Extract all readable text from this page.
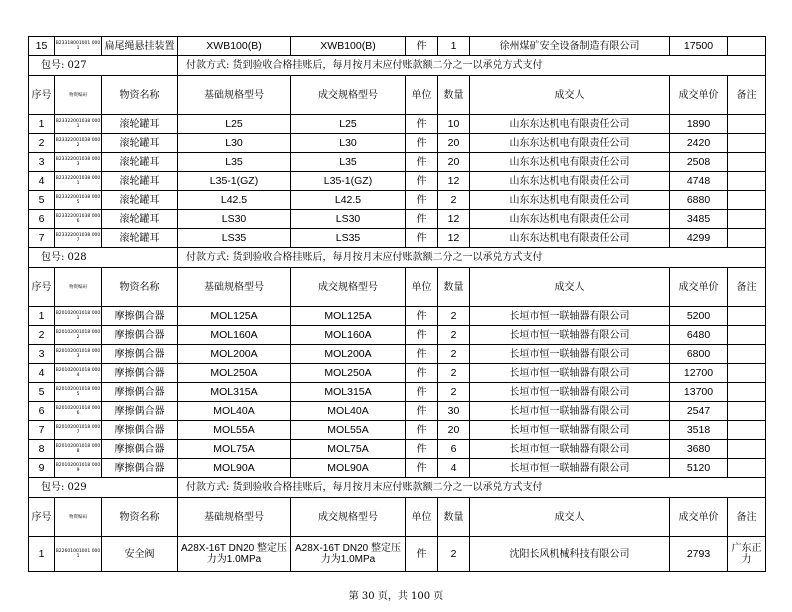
15	B23318001001 0001	扁尾绳悬挂装置	XWB100(B)	XWB100(B)	件	1	徐州煤矿安全设备制造有限公司	17500	
包号: 027			付款方式: 货到验收合格挂账后，每月按月末应付账款额二分之一以承兑方式支付						
序号	物资编码	物资名称	基础规格型号	成交规格型号	单位	数量	成交人	成交单价	备注
1	B23322001038 0001	滚轮罐耳	L25	L25	件	10	山东东达机电有限责任公司	1890	
2	B23322001038 0002	滚轮罐耳	L30	L30	件	20	山东东达机电有限责任公司	2420	
3	B23322001038 0003	滚轮罐耳	L35	L35	件	20	山东东达机电有限责任公司	2508	
4	B23322001038 0001	滚轮罐耳	L35-1(GZ)	L35-1(GZ)	件	12	山东东达机电有限责任公司	4748	
5	B23322001038 0005	滚轮罐耳	L42.5	L42.5	件	2	山东东达机电有限责任公司	6880	
6	B23322001038 0006	滚轮罐耳	LS30	LS30	件	12	山东东达机电有限责任公司	3485	
7	B23322001038 0007	滚轮罐耳	LS35	LS35	件	12	山东东达机电有限责任公司	4299	
包号: 028			付款方式: 货到验收合格挂账后，每月按月末应付账款额二分之一以承兑方式支付						
序号	物资编码	物资名称	基础规格型号	成交规格型号	单位	数量	成交人	成交单价	备注
1	B20102001018 0001	摩擦偶合器	MOL125A	MOL125A	件	2	长垣市恒一联轴器有限公司	5200	
2	B20102001018 0002	摩擦偶合器	MOL160A	MOL160A	件	2	长垣市恒一联轴器有限公司	6480	
3	B20102001018 0003	摩擦偶合器	MOL200A	MOL200A	件	2	长垣市恒一联轴器有限公司	6800	
4	B20102001018 0004	摩擦偶合器	MOL250A	MOL250A	件	2	长垣市恒一联轴器有限公司	12700	
5	B20102001018 0005	摩擦偶合器	MOL315A	MOL315A	件	2	长垣市恒一联轴器有限公司	13700	
6	B20102001018 0006	摩擦偶合器	MOL40A	MOL40A	件	30	长垣市恒一联轴器有限公司	2547	
7	B20102001018 0007	摩擦偶合器	MOL55A	MOL55A	件	20	长垣市恒一联轴器有限公司	3518	
8	B20102001018 0008	摩擦偶合器	MOL75A	MOL75A	件	6	长垣市恒一联轴器有限公司	3680	
9	B20102001018 0009	摩擦偶合器	MOL90A	MOL90A	件	4	长垣市恒一联轴器有限公司	5120	
包号: 029			付款方式: 货到验收合格挂账后，每月按月末应付账款额二分之一以承兑方式支付						
序号	物资编码	物资名称	基础规格型号	成交规格型号	单位	数量	成交人	成交单价	备注
1	B22601001001 0001	安全阀	A28X-16T DN20 整定压力为1.0MPa	A28X-16T DN20 整定压力为1.0MPa	件	2	沈阳长风机械科技有限公司	2793	广东正力
第 30 页，共 100 页
